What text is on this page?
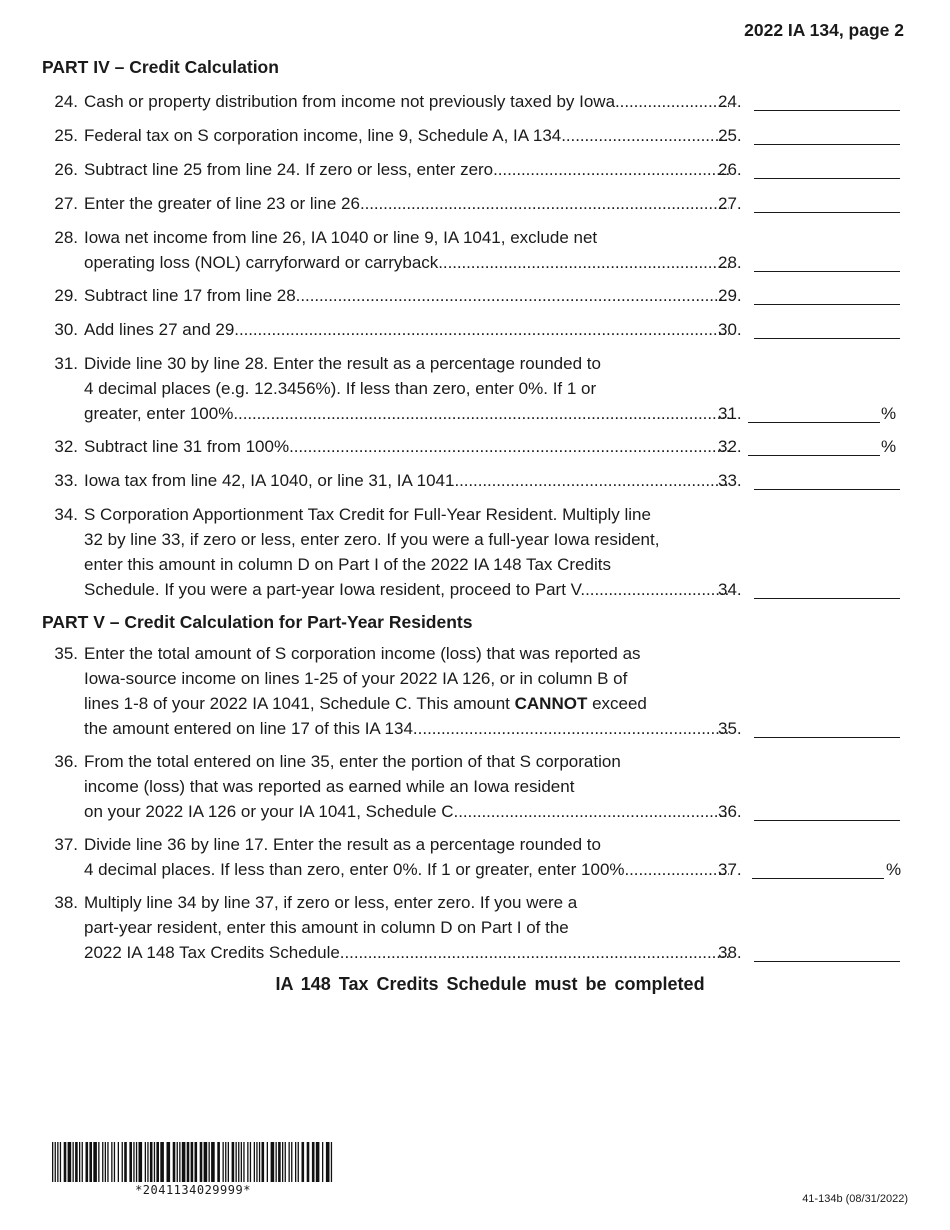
2022 IA 134, page 2
PART IV – Credit Calculation
24. Cash or property distribution from income not previously taxed by Iowa . . .	24.
25. Federal tax on S corporation income, line 9, Schedule A, IA 134 . . .	25.
26. Subtract line 25 from line 24. If zero or less, enter zero . . .	26.
27. Enter the greater of line 23 or line 26 . . .	27.
28. Iowa net income from line 26, IA 1040 or line 9, IA 1041, exclude net
operating loss (NOL) carryforward or carryback . . .	28.
29. Subtract line 17 from line 28. . . .	29.
30. Add lines 27 and 29 . . .	30.
31. Divide line 30 by line 28. Enter the result as a percentage rounded to
4 decimal places (e.g. 12.3456%). If less than zero, enter 0%. If 1 or
greater, enter 100%. . . .	31.	%
32. Subtract line 31 from 100% . . .	32.	%
33. Iowa tax from line 42, IA 1040, or line 31, IA 1041 . . .	33.
34. S Corporation Apportionment Tax Credit for Full-Year Resident. Multiply line
32 by line 33, if zero or less, enter zero. If you were a full-year Iowa resident,
enter this amount in column D on Part I of the 2022 IA 148 Tax Credits
Schedule. If you were a part-year Iowa resident, proceed to Part V. . . .	34.
PART V – Credit Calculation for Part-Year Residents
35. Enter the total amount of S corporation income (loss) that was reported as
Iowa-source income on lines 1-25 of your 2022 IA 126, or in column B of
lines 1-8 of your 2022 IA 1041, Schedule C. This amount CANNOT exceed
the amount entered on line 17 of this IA 134... . . .	35.
36. From the total entered on line 35, enter the portion of that S corporation
income (loss) that was reported as earned while an Iowa resident
on your 2022 IA 126 or your IA 1041, Schedule C. . . .	36.
37. Divide line 36 by line 17. Enter the result as a percentage rounded to
4 decimal places. If less than zero, enter 0%. If 1 or greater, enter 100% . . .	37.	%
38. Multiply line 34 by line 37, if zero or less, enter zero. If you were a
part-year resident, enter this amount in column D on Part I of the
2022 IA 148 Tax Credits Schedule. . . .	38.

IA 148 Tax Credits Schedule must be completed

*2041134029999*
41-134b (08/31/2022)
